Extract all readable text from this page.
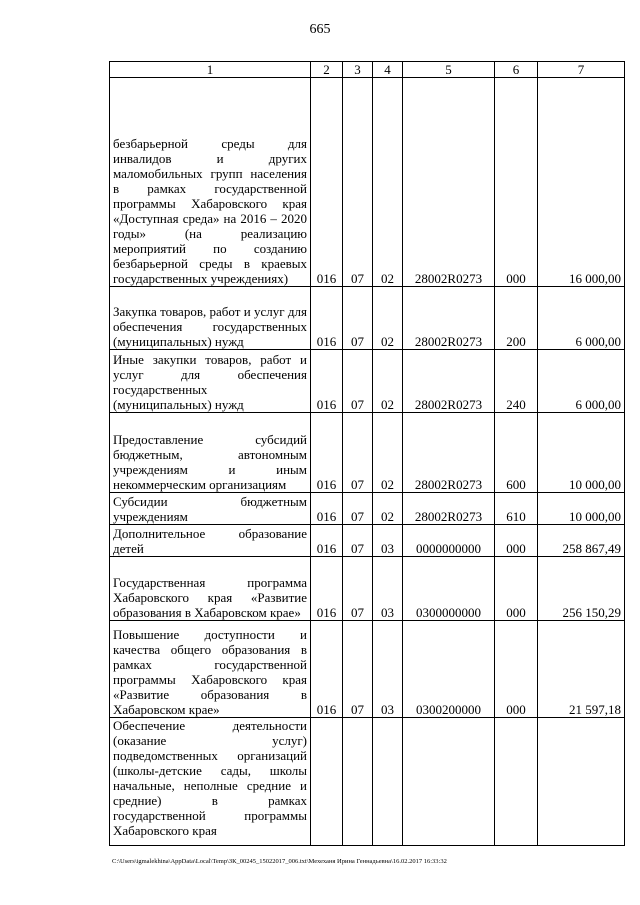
665
1	2	3	4	5	6	7
безбарьерной среды для инвалидов и других маломобильных групп населения в рамках государственной программы Хабаровского края «Доступная среда» на 2016 – 2020 годы» (на реализацию мероприятий по созданию безбарьерной среды в краевых государственных учреждениях)	016	07	02	28002R0273	000	16 000,00
Закупка товаров, работ и услуг для обеспечения государственных (муниципальных) нужд	016	07	02	28002R0273	200	6 000,00
Иные закупки товаров, работ и услуг для обеспечения государственных (муниципальных) нужд	016	07	02	28002R0273	240	6 000,00
Предоставление субсидий бюджетным, автономным учреждениям и иным некоммерческим организациям	016	07	02	28002R0273	600	10 000,00
Субсидии бюджетным учреждениям	016	07	02	28002R0273	610	10 000,00
Дополнительное образование детей	016	07	03	0000000000	000	258 867,49
Государственная программа Хабаровского края «Развитие образования в Хабаровском крае»	016	07	03	0300000000	000	256 150,29
Повышение доступности и качества общего образования в рамках государственной программы Хабаровского края «Развитие образования в Хабаровском крае»	016	07	03	0300200000	000	21 597,18
Обеспечение деятельности (оказание услуг) подведомственных организаций (школы-детские сады, школы начальные, неполные средние и средние) в рамках государственной программы Хабаровского края						
C:\Users\igmalekhina\AppData\Local\Temp\ЗК_00245_15022017_006.txt\Мехеханя Ирина Геннадьевна\16.02.2017 16:33:32
